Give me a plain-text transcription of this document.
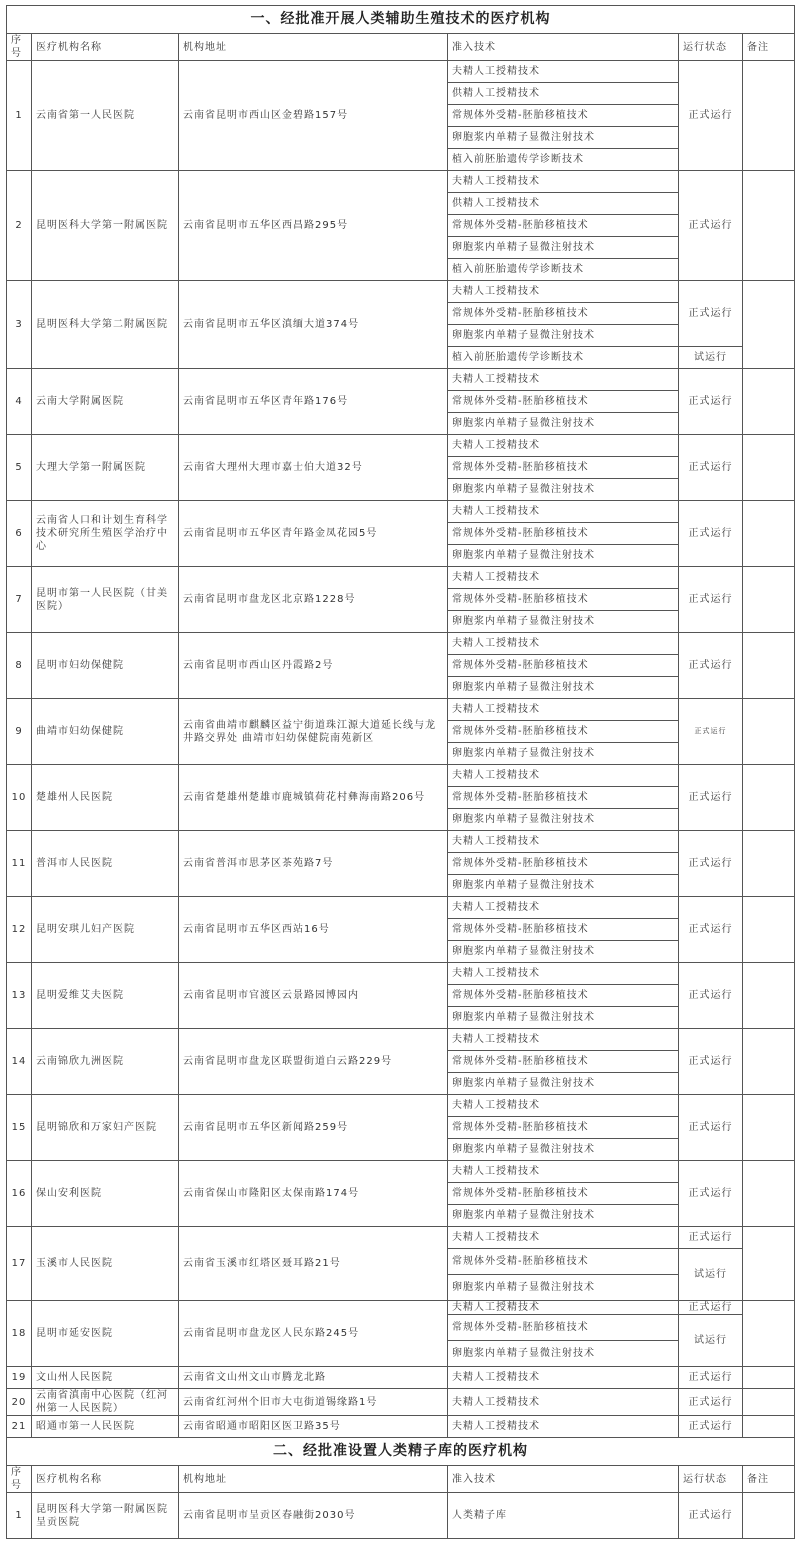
一、经批准开展人类辅助生殖技术的医疗机构					
序号	医疗机构名称	机构地址	准入技术	运行状态	备注
1	云南省第一人民医院	云南省昆明市西山区金碧路157号	夫精人工授精技术	正式运行	
			供精人工授精技术		
			常规体外受精-胚胎移植技术		
			卵胞浆内单精子显微注射技术		
			植入前胚胎遗传学诊断技术		
2	昆明医科大学第一附属医院	云南省昆明市五华区西昌路295号	夫精人工授精技术	正式运行	
			供精人工授精技术		
			常规体外受精-胚胎移植技术		
			卵胞浆内单精子显微注射技术		
			植入前胚胎遗传学诊断技术		
3	昆明医科大学第二附属医院	云南省昆明市五华区滇缅大道374号	夫精人工授精技术	正式运行	
			常规体外受精-胚胎移植技术		
			卵胞浆内单精子显微注射技术		
			植入前胚胎遗传学诊断技术	试运行	
4	云南大学附属医院	云南省昆明市五华区青年路176号	夫精人工授精技术	正式运行	
			常规体外受精-胚胎移植技术		
			卵胞浆内单精子显微注射技术		
5	大理大学第一附属医院	云南省大理州大理市嘉士伯大道32号	夫精人工授精技术	正式运行	
			常规体外受精-胚胎移植技术		
			卵胞浆内单精子显微注射技术		
6	云南省人口和计划生育科学技术研究所生殖医学治疗中心	云南省昆明市五华区青年路金凤花园5号	夫精人工授精技术	正式运行	
			常规体外受精-胚胎移植技术		
			卵胞浆内单精子显微注射技术		
7	昆明市第一人民医院（甘美医院）	云南省昆明市盘龙区北京路1228号	夫精人工授精技术	正式运行	
			常规体外受精-胚胎移植技术		
			卵胞浆内单精子显微注射技术		
8	昆明市妇幼保健院	云南省昆明市西山区丹霞路2号	夫精人工授精技术	正式运行	
			常规体外受精-胚胎移植技术		
			卵胞浆内单精子显微注射技术		
9	曲靖市妇幼保健院	云南省曲靖市麒麟区益宁街道珠江源大道延长线与龙井路交界处 曲靖市妇幼保健院南苑新区	夫精人工授精技术	正式运行	
			常规体外受精-胚胎移植技术		
			卵胞浆内单精子显微注射技术		
10	楚雄州人民医院	云南省楚雄州楚雄市鹿城镇荷花村彝海南路206号	夫精人工授精技术	正式运行	
			常规体外受精-胚胎移植技术		
			卵胞浆内单精子显微注射技术		
11	普洱市人民医院	云南省普洱市思茅区茶苑路7号	夫精人工授精技术	正式运行	
			常规体外受精-胚胎移植技术		
			卵胞浆内单精子显微注射技术		
12	昆明安琪儿妇产医院	云南省昆明市五华区西站16号	夫精人工授精技术	正式运行	
			常规体外受精-胚胎移植技术		
			卵胞浆内单精子显微注射技术		
13	昆明爱维艾夫医院	云南省昆明市官渡区云景路园博园内	夫精人工授精技术	正式运行	
			常规体外受精-胚胎移植技术		
			卵胞浆内单精子显微注射技术		
14	云南锦欣九洲医院	云南省昆明市盘龙区联盟街道白云路229号	夫精人工授精技术	正式运行	
			常规体外受精-胚胎移植技术		
			卵胞浆内单精子显微注射技术		
15	昆明锦欣和万家妇产医院	云南省昆明市五华区新闻路259号	夫精人工授精技术	正式运行	
			常规体外受精-胚胎移植技术		
			卵胞浆内单精子显微注射技术		
16	保山安利医院	云南省保山市隆阳区太保南路174号	夫精人工授精技术	正式运行	
			常规体外受精-胚胎移植技术		
			卵胞浆内单精子显微注射技术		
17	玉溪市人民医院	云南省玉溪市红塔区聂耳路21号	夫精人工授精技术	正式运行	
			常规体外受精-胚胎移植技术	试运行	
			卵胞浆内单精子显微注射技术		
18	昆明市延安医院	云南省昆明市盘龙区人民东路245号	夫精人工授精技术	正式运行	
			常规体外受精-胚胎移植技术	试运行	
			卵胞浆内单精子显微注射技术		
19	文山州人民医院	云南省文山州文山市腾龙北路	夫精人工授精技术	正式运行	
20	云南省滇南中心医院（红河州第一人民医院）	云南省红河州个旧市大屯街道锡缘路1号	夫精人工授精技术	正式运行	
21	昭通市第一人民医院	云南省昭通市昭阳区医卫路35号	夫精人工授精技术	正式运行	
二、经批准设置人类精子库的医疗机构					
序号	医疗机构名称	机构地址	准入技术	运行状态	备注
1	昆明医科大学第一附属医院呈贡医院	云南省昆明市呈贡区春融街2030号	人类精子库	正式运行	
